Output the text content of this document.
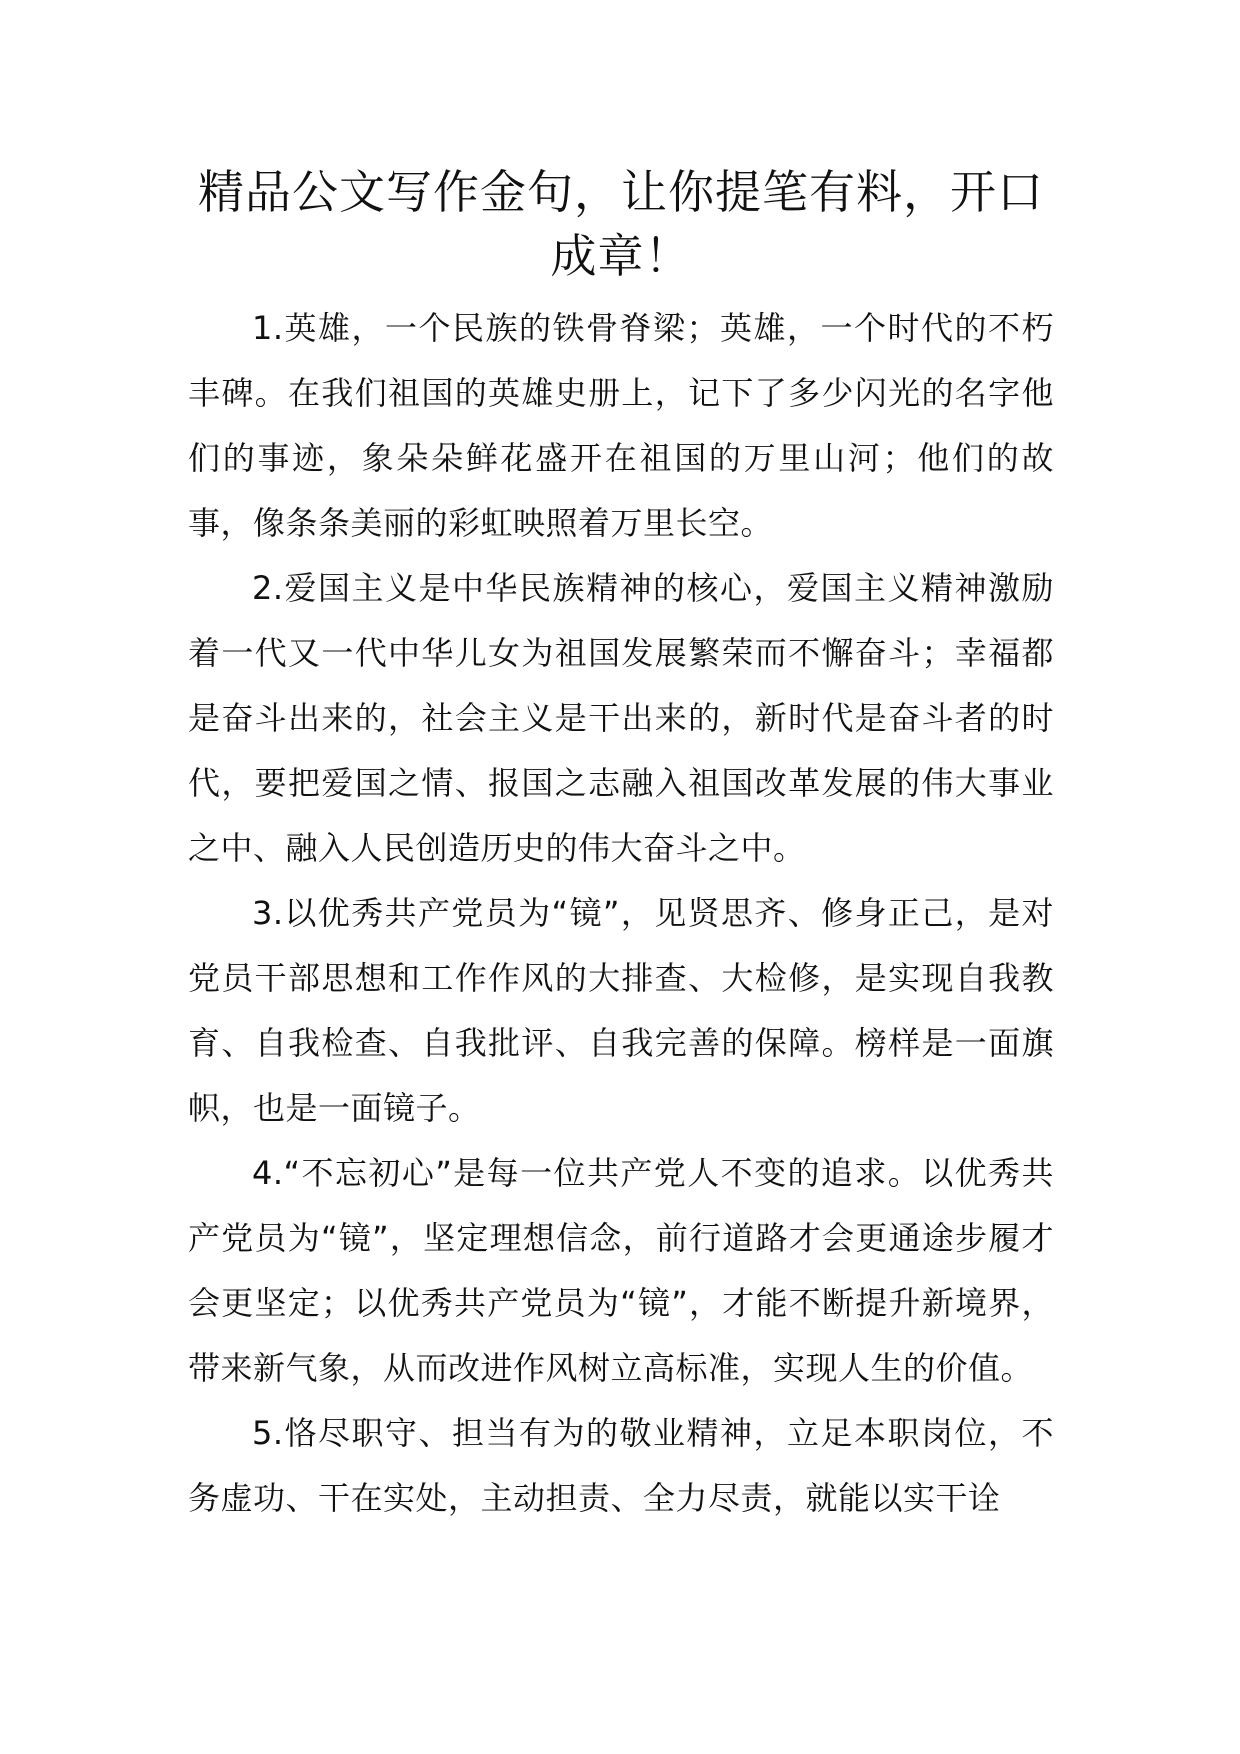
精品公文写作金句，让你提笔有料，开口成章！

1.英雄，一个民族的铁骨脊梁；英雄，一个时代的不朽丰碑。在我们祖国的英雄史册上，记下了多少闪光的名字他们的事迹，象朵朵鲜花盛开在祖国的万里山河；他们的故事，像条条美丽的彩虹映照着万里长空。

2.爱国主义是中华民族精神的核心，爱国主义精神激励着一代又一代中华儿女为祖国发展繁荣而不懈奋斗；幸福都是奋斗出来的，社会主义是干出来的，新时代是奋斗者的时代，要把爱国之情、报国之志融入祖国改革发展的伟大事业之中、融入人民创造历史的伟大奋斗之中。

3.以优秀共产党员为“镜”，见贤思齐、修身正己，是对党员干部思想和工作作风的大排查、大检修，是实现自我教育、自我检查、自我批评、自我完善的保障。榜样是一面旗帜，也是一面镜子。

4.“不忘初心”是每一位共产党人不变的追求。以优秀共产党员为“镜”，坚定理想信念，前行道路才会更通途步履才会更坚定；以优秀共产党员为“镜”，才能不断提升新境界，带来新气象，从而改进作风树立高标准，实现人生的价值。

5.恪尽职守、担当有为的敬业精神，立足本职岗位，不务虚功、干在实处，主动担责、全力尽责，就能以实干诠
